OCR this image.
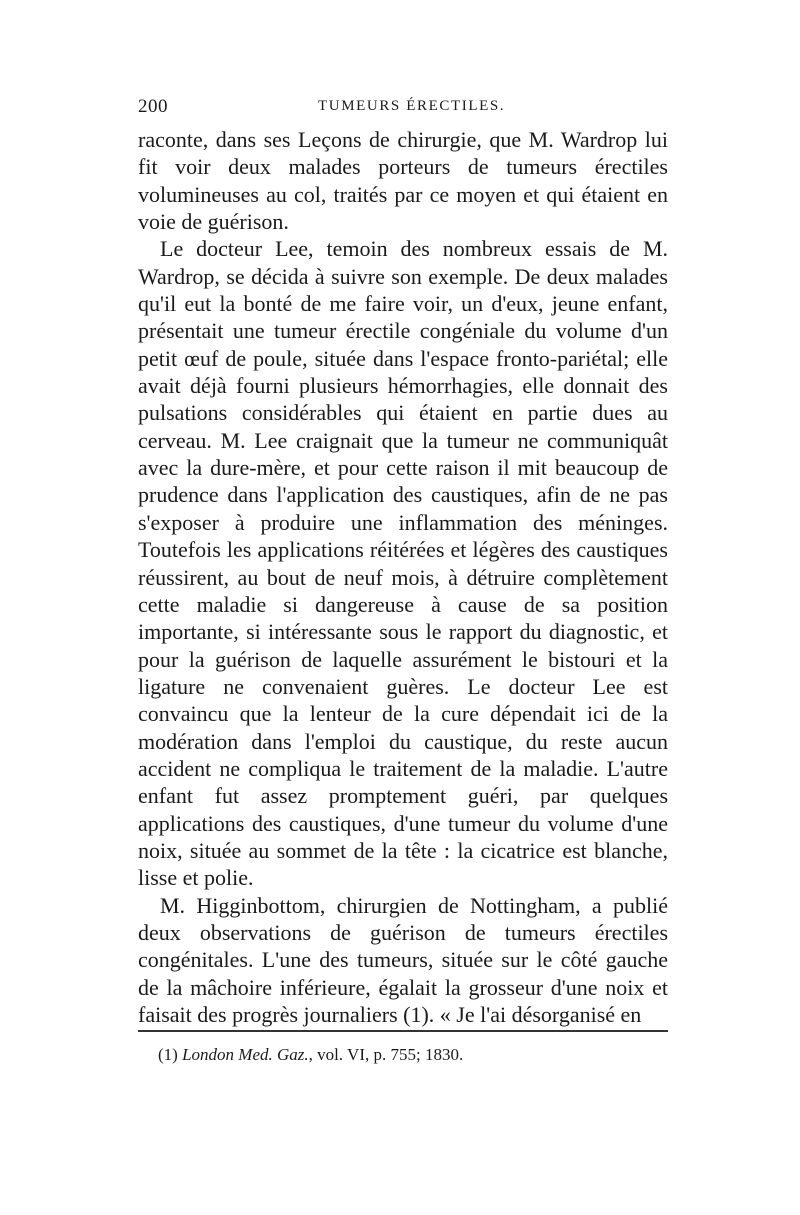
200	TUMEURS ÉRECTILES.

raconte, dans ses Leçons de chirurgie, que M. Wardrop lui fit voir deux malades porteurs de tumeurs érectiles volumineuses au col, traités par ce moyen et qui étaient en voie de guérison.

Le docteur Lee, temoin des nombreux essais de M. Wardrop, se décida à suivre son exemple. De deux malades qu'il eut la bonté de me faire voir, un d'eux, jeune enfant, présentait une tumeur érectile congéniale du volume d'un petit œuf de poule, située dans l'espace fronto-pariétal; elle avait déjà fourni plusieurs hémorrhagies, elle donnait des pulsations considérables qui étaient en partie dues au cerveau. M. Lee craignait que la tumeur ne communiquât avec la dure-mère, et pour cette raison il mit beaucoup de prudence dans l'application des caustiques, afin de ne pas s'exposer à produire une inflammation des méninges. Toutefois les applications réitérées et légères des caustiques réussirent, au bout de neuf mois, à détruire complètement cette maladie si dangereuse à cause de sa position importante, si intéressante sous le rapport du diagnostic, et pour la guérison de laquelle assurément le bistouri et la ligature ne convenaient guères. Le docteur Lee est convaincu que la lenteur de la cure dépendait ici de la modération dans l'emploi du caustique, du reste aucun accident ne compliqua le traitement de la maladie. L'autre enfant fut assez promptement guéri, par quelques applications des caustiques, d'une tumeur du volume d'une noix, située au sommet de la tête : la cicatrice est blanche, lisse et polie.

M. Higginbottom, chirurgien de Nottingham, a publié deux observations de guérison de tumeurs érectiles congénitales. L'une des tumeurs, située sur le côté gauche de la mâchoire inférieure, égalait la grosseur d'une noix et faisait des progrès journaliers (1). « Je l'ai désorganisé en

(1) London Med. Gaz., vol. VI, p. 755; 1830.
